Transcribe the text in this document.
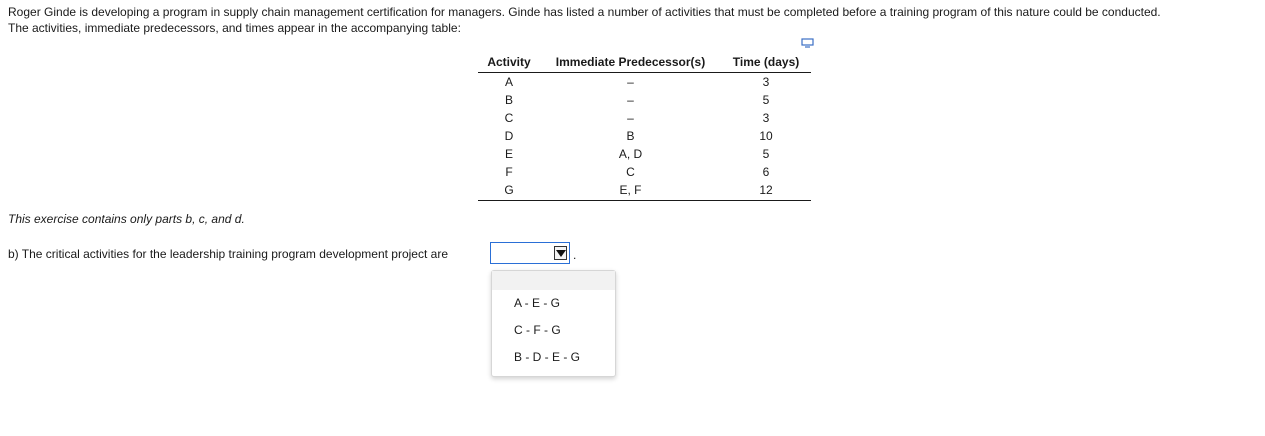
Roger Ginde is developing a program in supply chain management certification for managers. Ginde has listed a number of activities that must be completed before a training program of this nature could be conducted.
The activities, immediate predecessors, and times appear in the accompanying table:
Activity	Immediate Predecessor(s)	Time (days)
A	–	3
B	–	5
C	–	3
D	B	10
E	A, D	5
F	C	6
G	E, F	12
This exercise contains only parts b, c, and d.
b) The critical activities for the leadership training program development project are	.
A - E - G
C - F - G
B - D - E - G
